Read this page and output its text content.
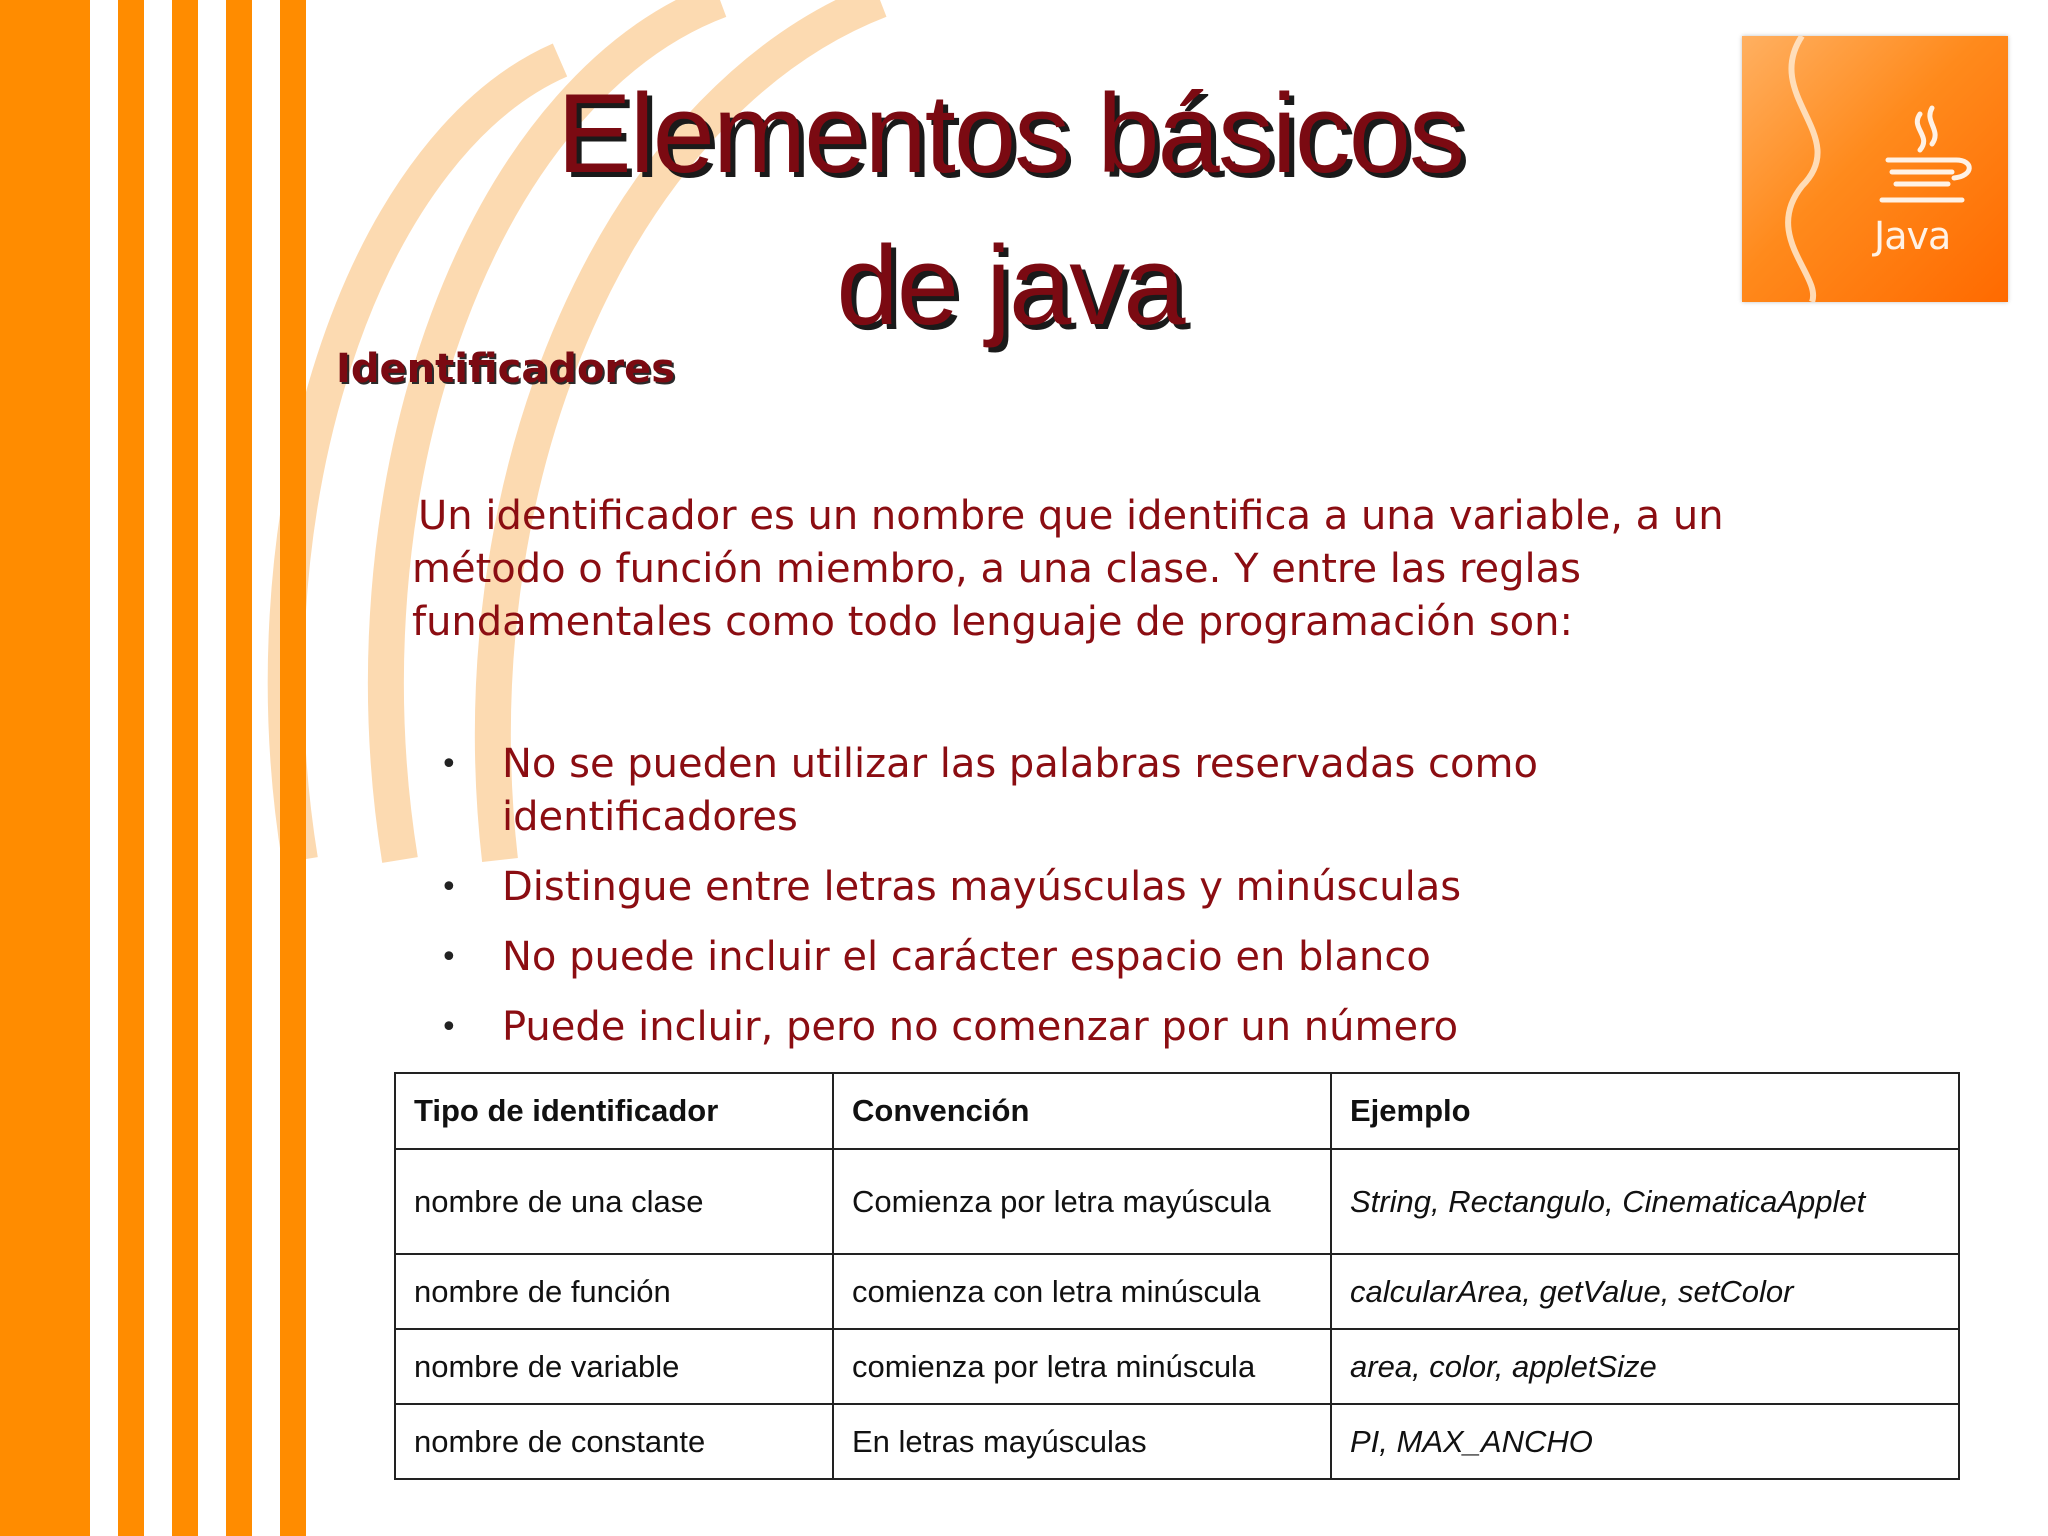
Elementos básicos
de java	Java
Identificadores

Un identificador es un nombre que identifica a una variable, a un método o función miembro, a una clase. Y entre las reglas fundamentales como todo lenguaje de programación son:

• No se pueden utilizar las palabras reservadas como identificadores
• Distingue entre letras mayúsculas y minúsculas
• No puede incluir el carácter espacio en blanco
• Puede incluir, pero no comenzar por un número
Tipo de identificador	Convención	Ejemplo
nombre de una clase	Comienza por letra mayúscula	String, Rectangulo, CinematicaApplet
nombre de función	comienza con letra minúscula	calcularArea, getValue, setColor
nombre de variable	comienza por letra minúscula	area, color, appletSize
nombre de constante	En letras mayúsculas	PI, MAX_ANCHO
